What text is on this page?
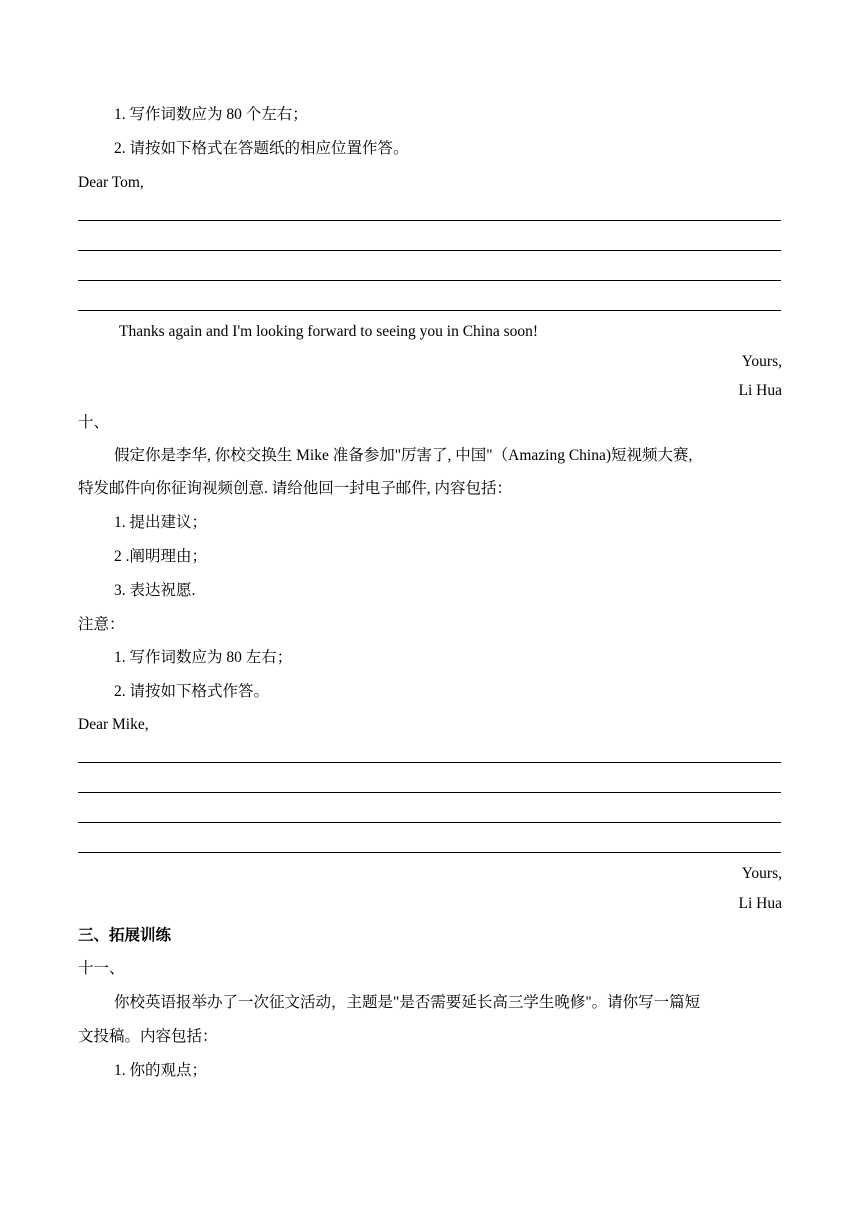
1. 写作词数应为 80 个左右；
2. 请按如下格式在答题纸的相应位置作答。
Dear Tom,
Thanks again and I'm looking forward to seeing you in China soon!
Yours,
Li Hua
十、
假定你是李华, 你校交换生 Mike 准备参加"厉害了, 中国"（Amazing China)短视频大赛,
特发邮件向你征询视频创意. 请给他回一封电子邮件, 内容包括：
1. 提出建议；
2 .阐明理由；
3. 表达祝愿.
注意：
1. 写作词数应为 80 左右；
2. 请按如下格式作答。
Dear Mike,
Yours,
Li Hua
三、拓展训练
十一、
你校英语报举办了一次征文活动，主题是"是否需要延长高三学生晚修"。请你写一篇短
文投稿。内容包括：
1. 你的观点；
